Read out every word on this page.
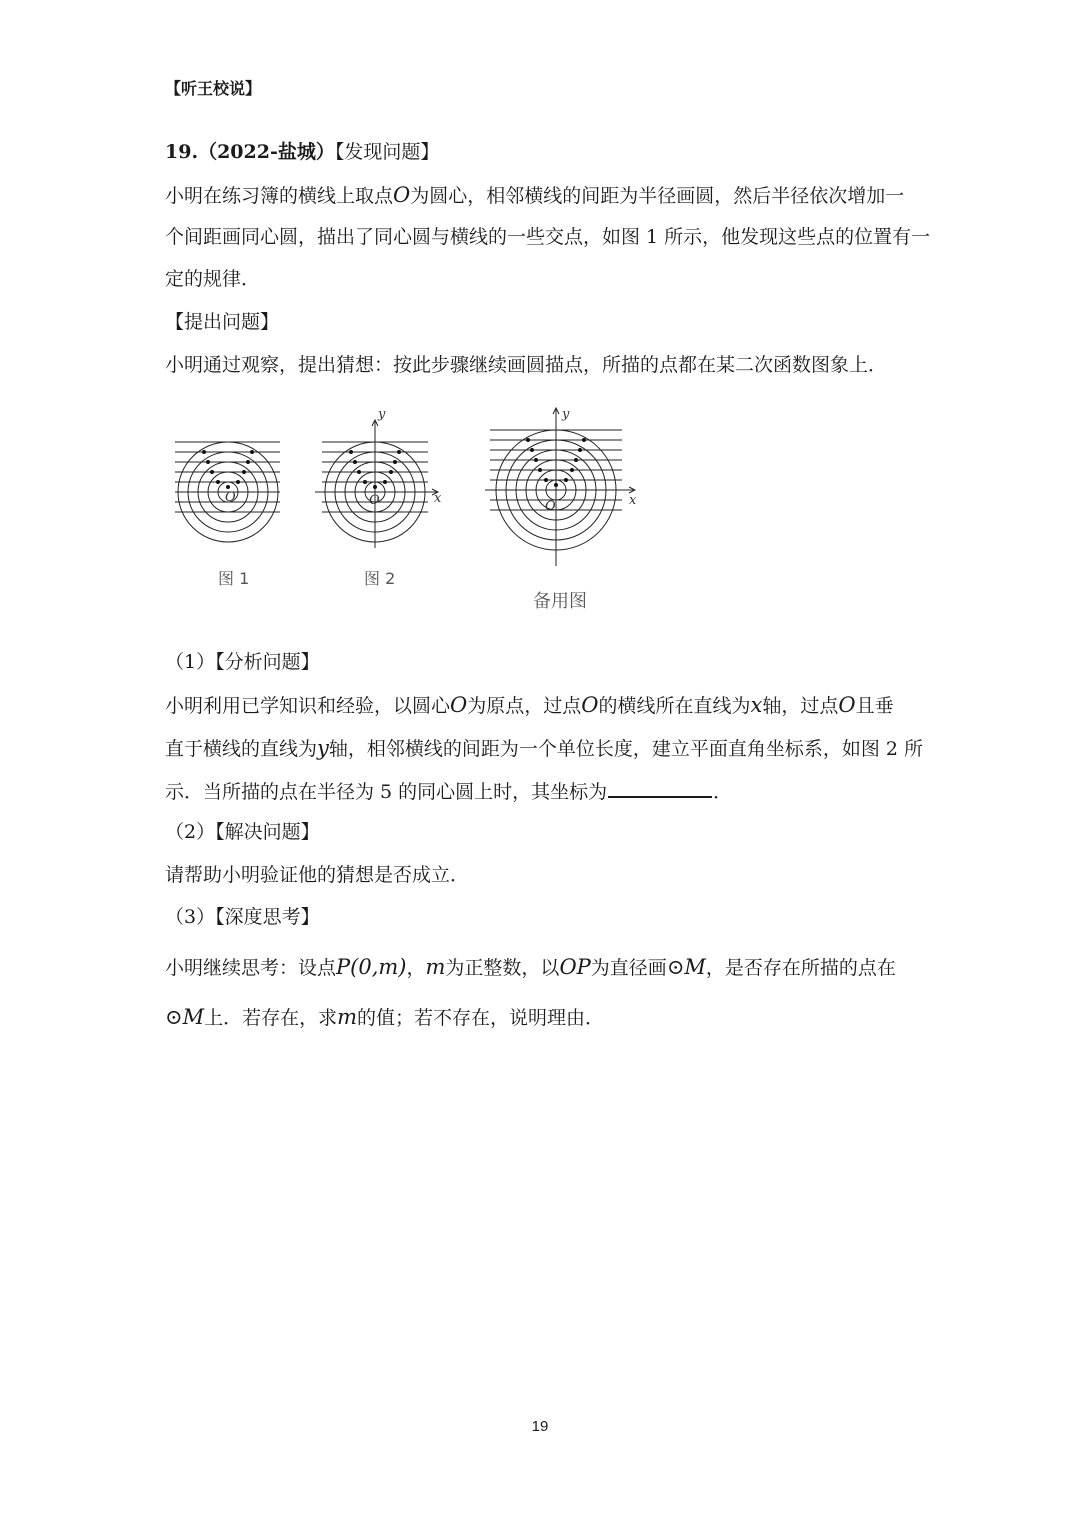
【听王校说】
19.（2022-盐城）【发现问题】
小明在练习簿的横线上取点O为圆心，相邻横线的间距为半径画圆，然后半径依次增加一
个间距画同心圆，描出了同心圆与横线的一些交点，如图 1 所示，他发现这些点的位置有一
定的规律．
【提出问题】
小明通过观察，提出猜想：按此步骤继续画圆描点，所描的点都在某二次函数图象上．
O
y
x
O
y
x
O
图 1	图 2
备用图
（1）【分析问题】
小明利用已学知识和经验，以圆心O为原点，过点O的横线所在直线为x轴，过点O且垂
直于横线的直线为y轴，相邻横线的间距为一个单位长度，建立平面直角坐标系，如图 2 所
示．当所描的点在半径为 5 的同心圆上时，其坐标为	．
（2）【解决问题】
请帮助小明验证他的猜想是否成立．
（3）【深度思考】
小明继续思考：设点P(0,m)，m为正整数，以OP为直径画⊙M，是否存在所描的点在
⊙M上．若存在，求m的值；若不存在，说明理由．
19
